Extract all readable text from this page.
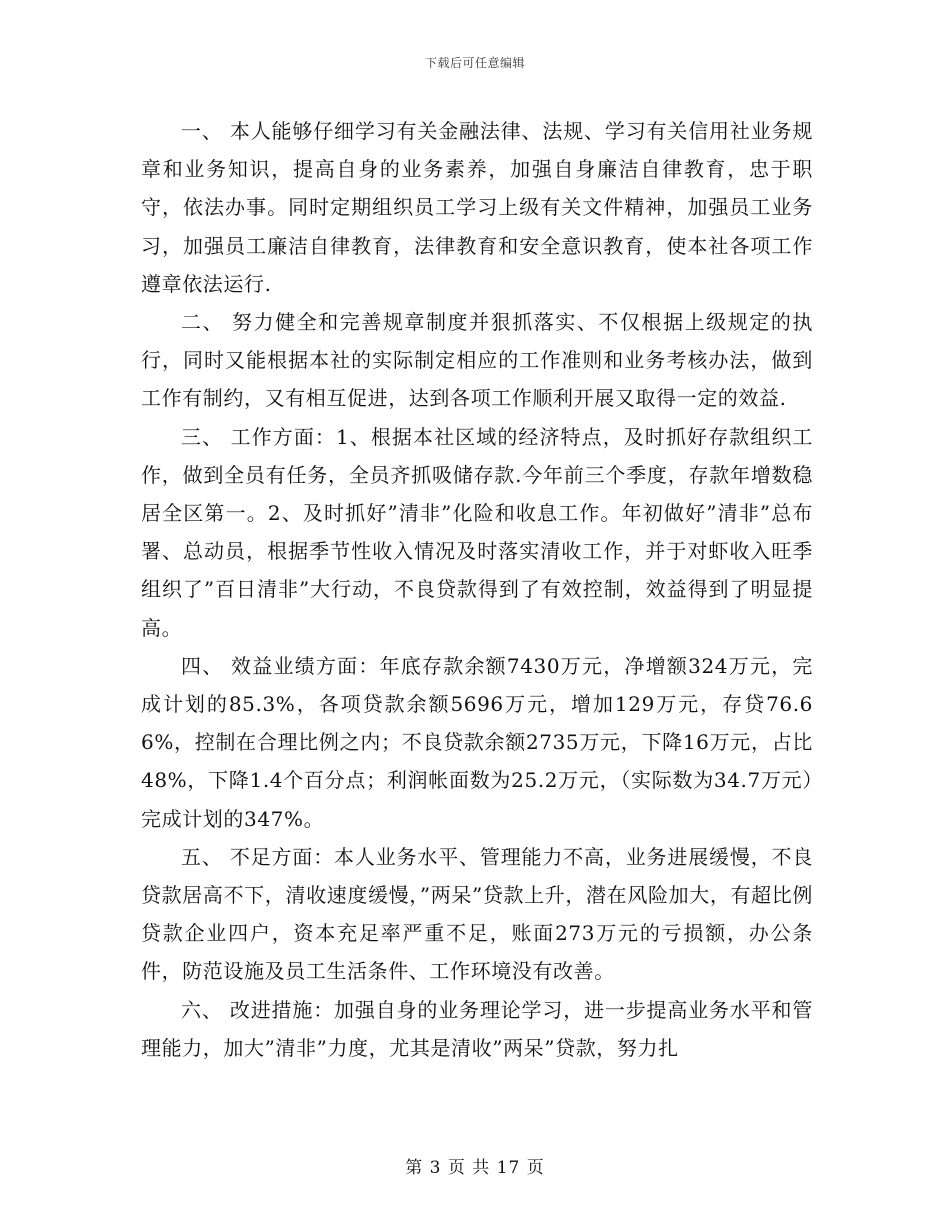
下载后可任意编辑

一、 本人能够仔细学习有关金融法律、法规、学习有关信用社业务规章和业务知识，提高自身的业务素养，加强自身廉洁自律教育，忠于职守，依法办事。同时定期组织员工学习上级有关文件精神，加强员工业务习，加强员工廉洁自律教育，法律教育和安全意识教育，使本社各项工作遵章依法运行.

二、 努力健全和完善规章制度并狠抓落实、不仅根据上级规定的执行，同时又能根据本社的实际制定相应的工作准则和业务考核办法，做到工作有制约，又有相互促进，达到各项工作顺利开展又取得一定的效益.

三、 工作方面：1、根据本社区域的经济特点，及时抓好存款组织工作，做到全员有任务，全员齐抓吸储存款.今年前三个季度，存款年增数稳居全区第一。2、及时抓好”清非”化险和收息工作。年初做好”清非”总布署、总动员，根据季节性收入情况及时落实清收工作，并于对虾收入旺季组织了”百日清非”大行动，不良贷款得到了有效控制，效益得到了明显提高。

四、 效益业绩方面：年底存款余额7430万元，净增额324万元，完成计划的85.3%，各项贷款余额5696万元，增加129万元，存贷76.66%，控制在合理比例之内；不良贷款余额2735万元，下降16万元，占比48%，下降1.4个百分点；利润帐面数为25.2万元，（实际数为34.7万元）完成计划的347%。

五、 不足方面：本人业务水平、管理能力不高，业务进展缓慢，不良贷款居高不下，清收速度缓慢，”两呆”贷款上升，潜在风险加大，有超比例贷款企业四户，资本充足率严重不足，账面273万元的亏损额，办公条件，防范设施及员工生活条件、工作环境没有改善。

六、 改进措施：加强自身的业务理论学习，进一步提高业务水平和管理能力，加大”清非”力度，尤其是清收”两呆”贷款，努力扎

第 3 页 共 17 页
